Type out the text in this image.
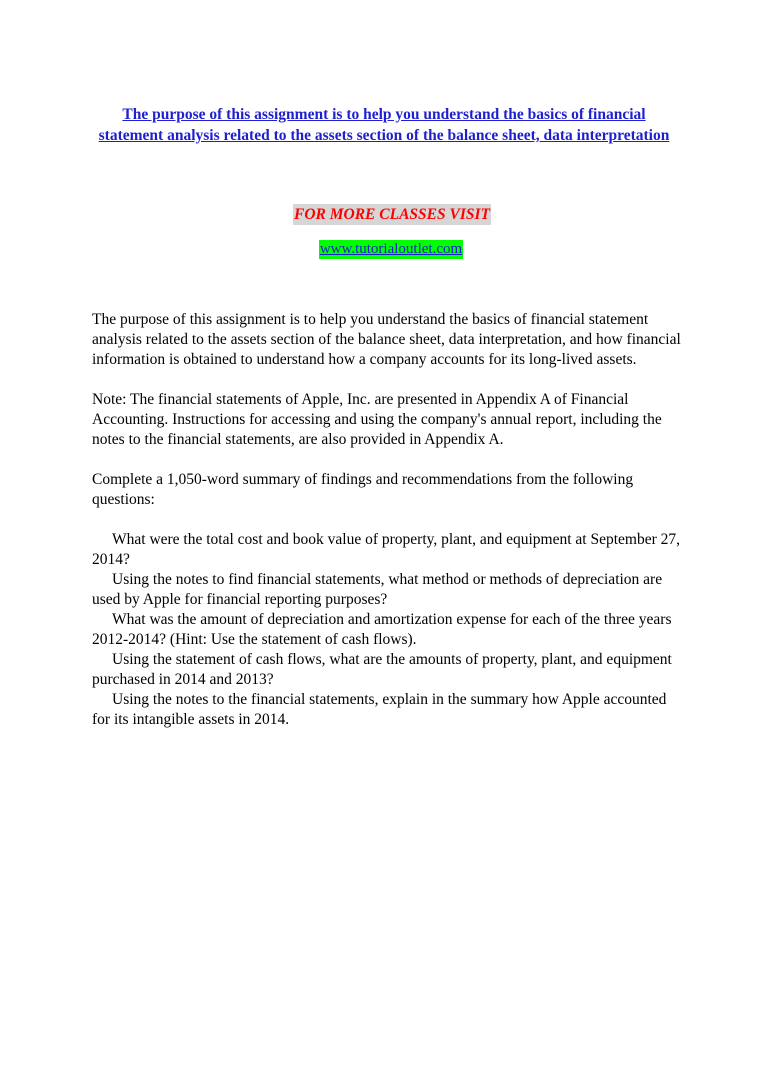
The purpose of this assignment is to help you understand the basics of financial statement analysis related to the assets section of the balance sheet, data interpretation
FOR MORE CLASSES VISIT
www.tutorialoutlet.com

The purpose of this assignment is to help you understand the basics of financial statement analysis related to the assets section of the balance sheet, data interpretation, and how financial information is obtained to understand how a company accounts for its long-lived assets.

Note: The financial statements of Apple, Inc. are presented in Appendix A of Financial Accounting. Instructions for accessing and using the company's annual report, including the notes to the financial statements, are also provided in Appendix A.

Complete a 1,050-word summary of findings and recommendations from the following questions:

What were the total cost and book value of property, plant, and equipment at September 27, 2014?

Using the notes to find financial statements, what method or methods of depreciation are used by Apple for financial reporting purposes?

What was the amount of depreciation and amortization expense for each of the three years 2012-2014? (Hint: Use the statement of cash flows).

Using the statement of cash flows, what are the amounts of property, plant, and equipment purchased in 2014 and 2013?

Using the notes to the financial statements, explain in the summary how Apple accounted for its intangible assets in 2014.
